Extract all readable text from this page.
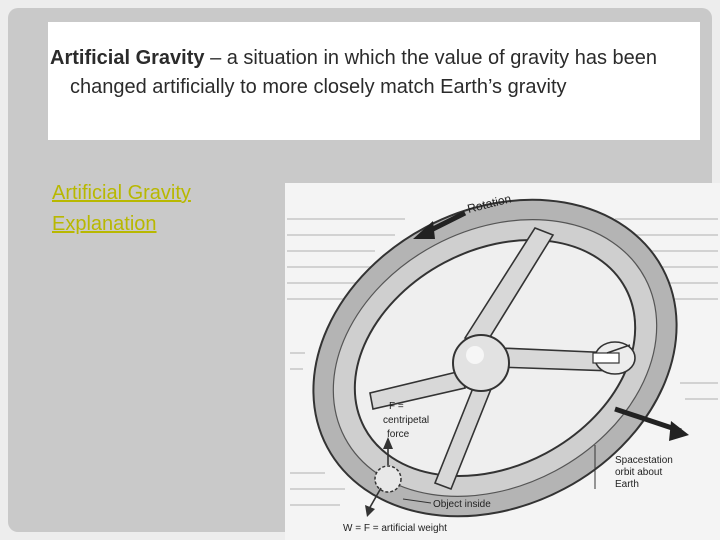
Artificial Gravity – a situation in which the value of gravity has been changed artificially to more closely match Earth’s gravity
Artificial Gravity
Explanation
Rotation
F =
centripetal
force
Spacestation
orbit about
Earth
Object inside
W = F = artificial weight
